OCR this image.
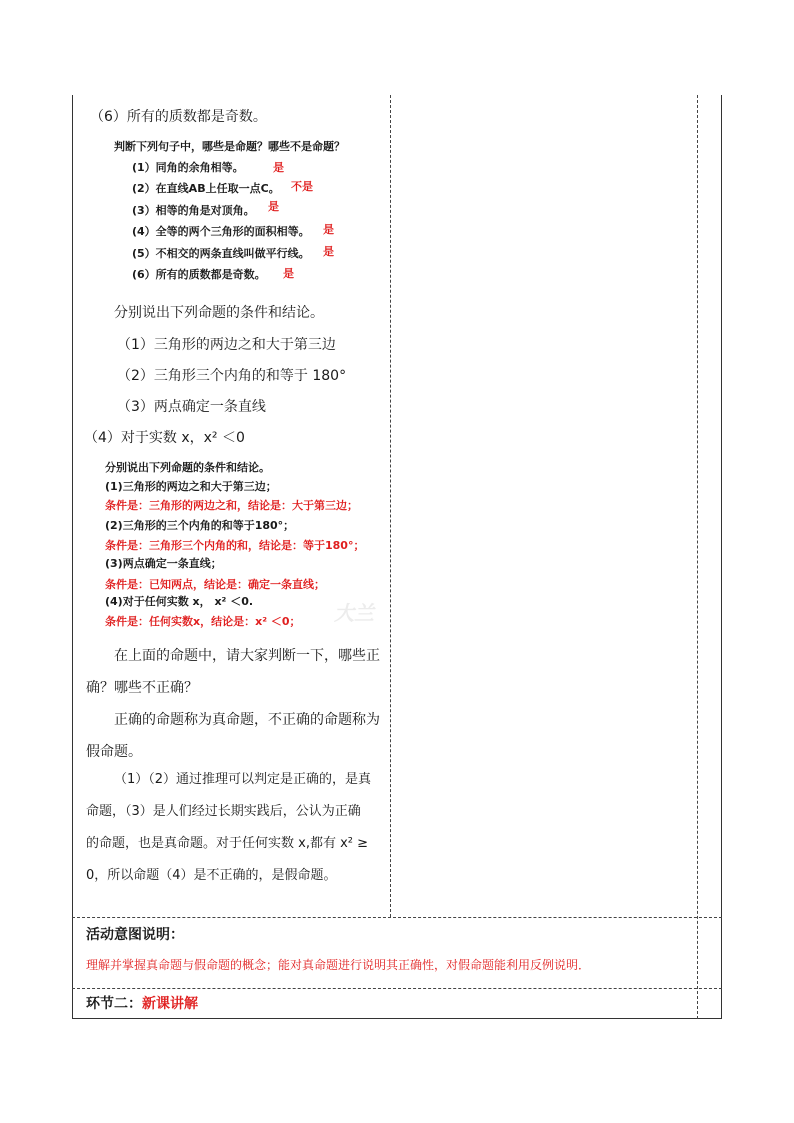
（6）所有的质数都是奇数。
判断下列句子中，哪些是命题？哪些不是命题？
(1）同角的余角相等。	是
(2）在直线AB上任取一点C。 不是
(3）相等的角是对顶角。 是
(4）全等的两个三角形的面积相等。 是
(5）不相交的两条直线叫做平行线。 是
(6）所有的质数都是奇数。 是
分别说出下列命题的条件和结论。
（1）三角形的两边之和大于第三边
（2）三角形三个内角的和等于 180°
（3）两点确定一条直线
（4）对于实数 x，x² ＜0
分别说出下列命题的条件和结论。
(1)三角形的两边之和大于第三边；
条件是：三角形的两边之和，结论是：大于第三边；
(2)三角形的三个内角的和等于180°；
条件是：三角形三个内角的和，结论是：等于180°；
(3)两点确定一条直线；
条件是：已知两点，结论是：确定一条直线；
(4)对于任何实数 x， x² ＜0.
条件是：任何实数x，结论是：x² ＜0； 大兰
在上面的命题中，请大家判断一下，哪些正
确？哪些不正确？
正确的命题称为真命题，不正确的命题称为
假命题。
（1）（2）通过推理可以判定是正确的，是真
命题，（3）是人们经过长期实践后，公认为正确
的命题，也是真命题。对于任何实数 x,都有 x² ≥
0，所以命题（4）是不正确的，是假命题。
活动意图说明：
理解并掌握真命题与假命题的概念；能对真命题进行说明其正确性，对假命题能利用反例说明．
环节二：新课讲解
